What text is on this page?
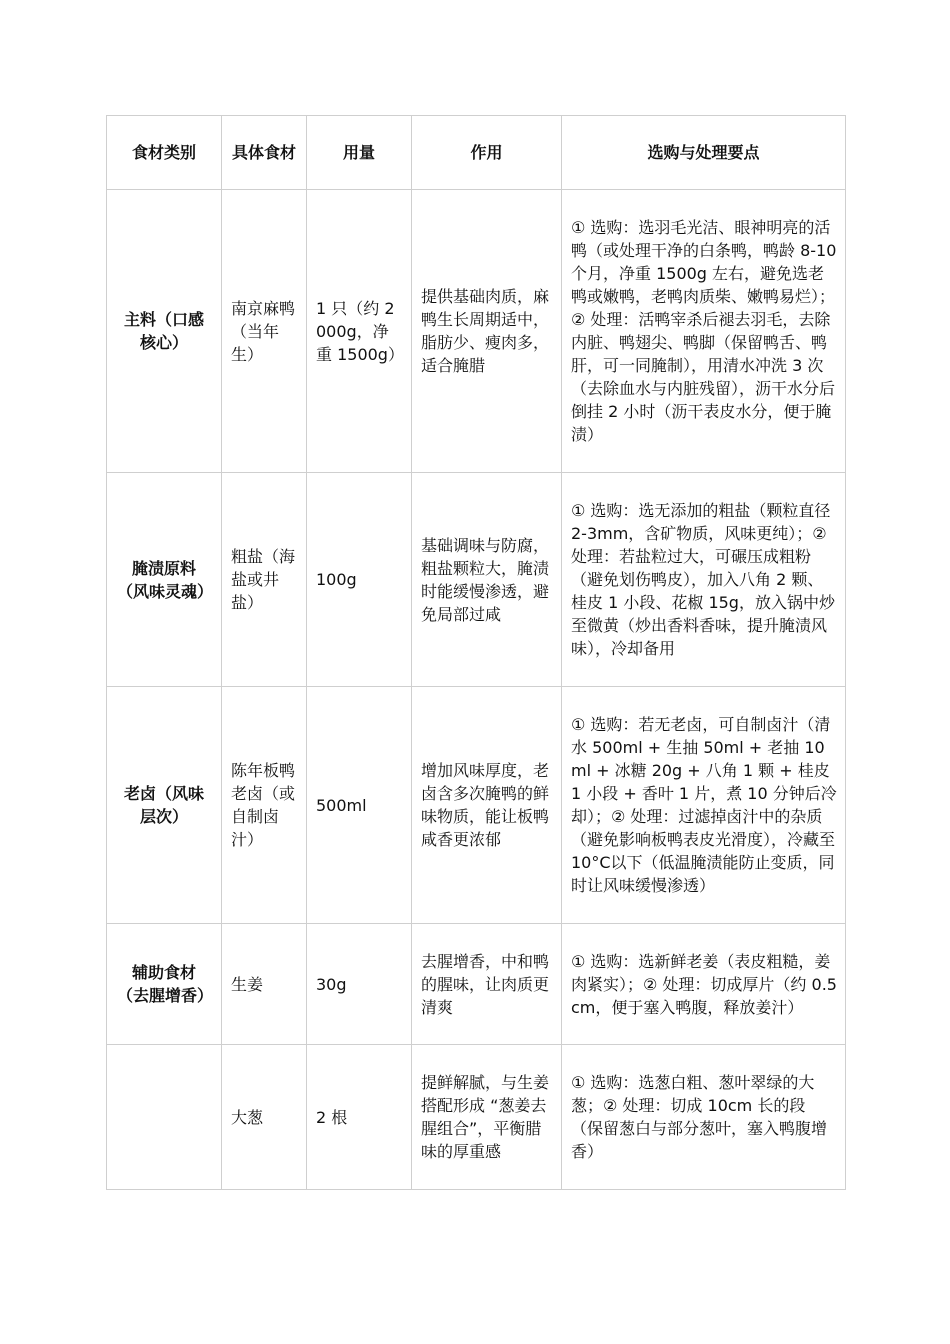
食材类别	具体食材	用量	作用	选购与处理要点
主料（口感核心）	南京麻鸭（当年生）	1 只（约 2000g，净重 1500g）	提供基础肉质，麻鸭生长周期适中，脂肪少、瘦肉多，适合腌腊	① 选购：选羽毛光洁、眼神明亮的活鸭（或处理干净的白条鸭，鸭龄 8-10 个月，净重 1500g 左右，避免选老鸭或嫩鸭，老鸭肉质柴、嫩鸭易烂）；② 处理：活鸭宰杀后褪去羽毛，去除内脏、鸭翅尖、鸭脚（保留鸭舌、鸭肝，可一同腌制），用清水冲洗 3 次（去除血水与内脏残留），沥干水分后倒挂 2 小时（沥干表皮水分，便于腌渍）
腌渍原料（风味灵魂）	粗盐（海盐或井盐）	100g	基础调味与防腐，粗盐颗粒大，腌渍时能缓慢渗透，避免局部过咸	① 选购：选无添加的粗盐（颗粒直径 2-3mm，含矿物质，风味更纯）；② 处理：若盐粒过大，可碾压成粗粉（避免划伤鸭皮），加入八角 2 颗、桂皮 1 小段、花椒 15g，放入锅中炒至微黄（炒出香料香味，提升腌渍风味），冷却备用
老卤（风味层次）	陈年板鸭老卤（或自制卤汁）	500ml	增加风味厚度，老卤含多次腌鸭的鲜味物质，能让板鸭咸香更浓郁	① 选购：若无老卤，可自制卤汁（清水 500ml + 生抽 50ml + 老抽 10ml + 冰糖 20g + 八角 1 颗 + 桂皮 1 小段 + 香叶 1 片，煮 10 分钟后冷却）；② 处理：过滤掉卤汁中的杂质（避免影响板鸭表皮光滑度），冷藏至 10°C以下（低温腌渍能防止变质，同时让风味缓慢渗透）
辅助食材（去腥增香）	生姜	30g	去腥增香，中和鸭的腥味，让肉质更清爽	① 选购：选新鲜老姜（表皮粗糙，姜肉紧实）；② 处理：切成厚片（约 0.5cm，便于塞入鸭腹，释放姜汁）
	大葱	2 根	提鲜解腻，与生姜搭配形成 “葱姜去腥组合”，平衡腊味的厚重感	① 选购：选葱白粗、葱叶翠绿的大葱；② 处理：切成 10cm 长的段（保留葱白与部分葱叶，塞入鸭腹增香）
